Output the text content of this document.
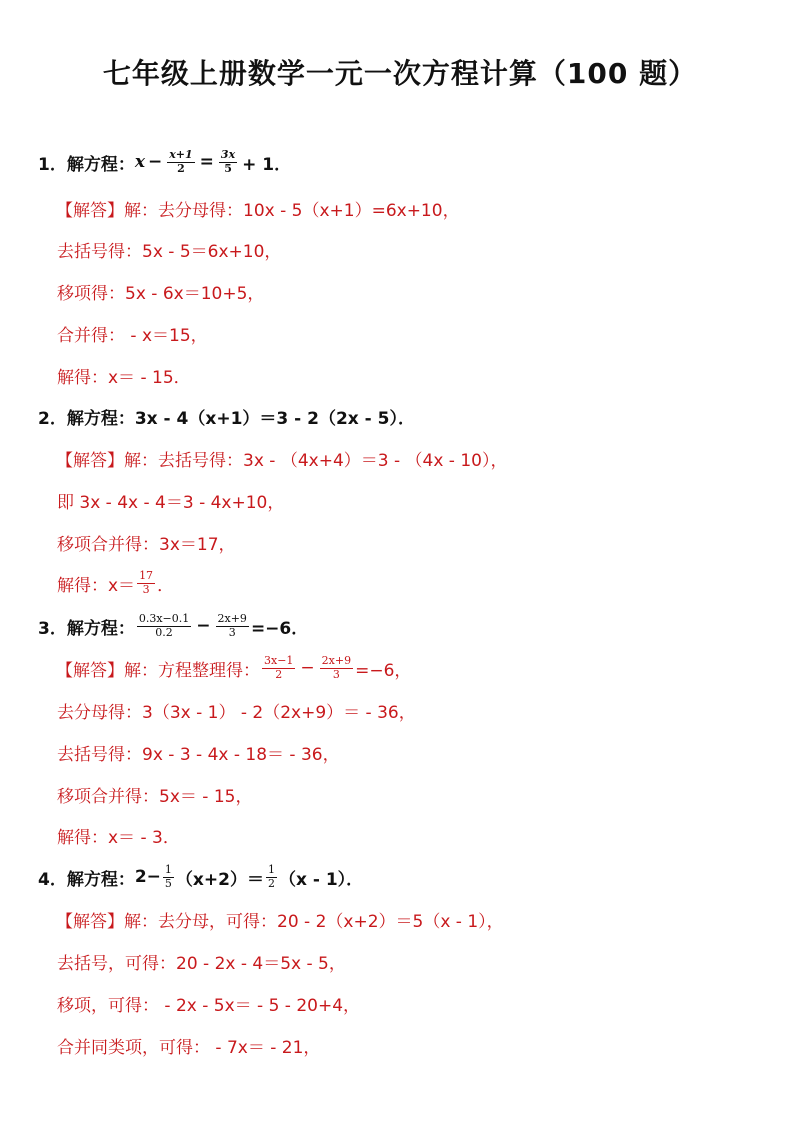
七年级上册数学一元一次方程计算（100 题）
1． 解方程： $x - \frac{x+1}{2} = \frac{3x}{5} + 1$．
【解答】解：去分母得： 10x - 5（x+1）=6x+10，
去括号得：5x - 5＝6x+10，
移项得：5x - 6x＝10+5，
合并得： - x＝15，
解得：x＝ - 15．
2． 解方程： 3x - 4（x+1）＝3 - 2（2x - 5）．
【解答】解：去括号得： 3x - （4x+4）＝3 - （4x - 10），
即 3x - 4x - 4＝3 - 4x+10，
移项合并得：3x＝17，
解得：$x= \frac{17}{3}$ ．
3． 解方程： $\frac{0.3x-0.1}{0.2} - \frac{2x+9}{3} =-6$．
【解答】解：方程整理得： $\frac{3x-1}{2} - \frac{2x+9}{3} =-6$，
去分母得：3（3x - 1） - 2（2x+9）＝ - 36，
去括号得：9x - 3 - 4x - 18＝ - 36，
移项合并得：5x＝ - 15，
解得：x＝ - 3．
4． 解方程： $2- \frac{1}{5} (x+2)= \frac{1}{2} (x - 1)$．
【解答】解：去分母，可得： 20 - 2（x+2）＝5（x - 1），
去括号，可得：20 - 2x - 4＝5x - 5，
移项，可得： - 2x - 5x＝ - 5 - 20+4，
合并同类项，可得： - 7x＝ - 21，
